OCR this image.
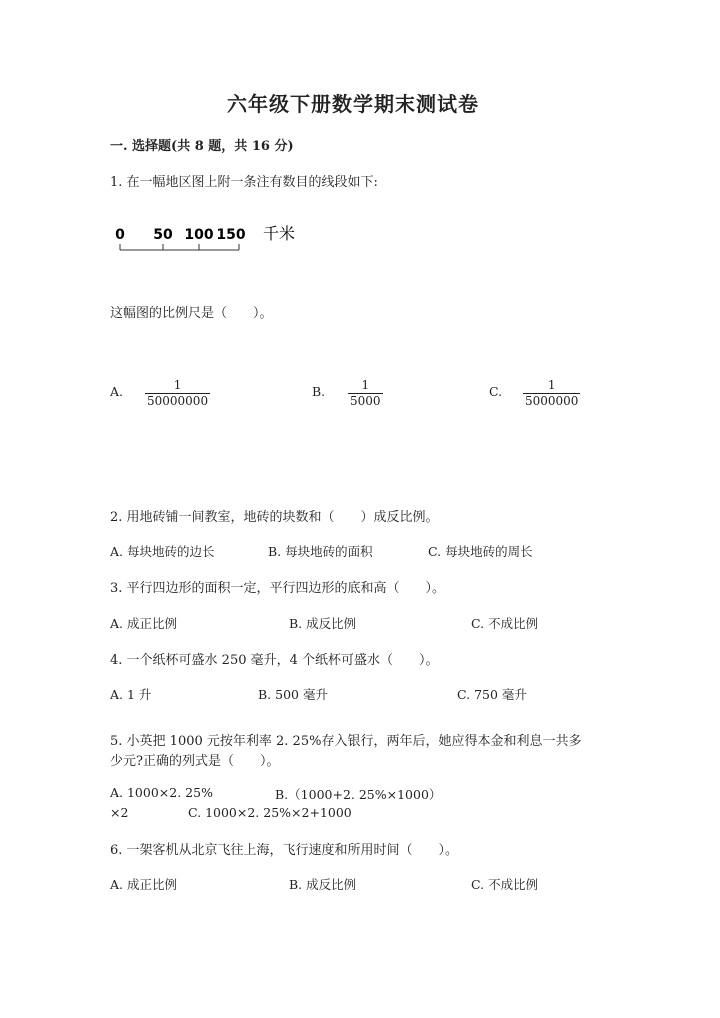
六年级下册数学期末测试卷
一. 选择题(共 8 题，共 16 分)
1. 在一幅地区图上附一条注有数目的线段如下:
0 50 100 150 千米
这幅图的比例尺是（　　）。
A. $\frac{1}{50000000}$	B. $\frac{1}{5000}$	C. $\frac{1}{5000000}$
2. 用地砖铺一间教室，地砖的块数和（　　）成反比例。
A. 每块地砖的边长	B. 每块地砖的面积	C. 每块地砖的周长
3. 平行四边形的面积一定，平行四边形的底和高（　　）。
A. 成正比例	B. 成反比例	C. 不成比例
4. 一个纸杯可盛水 250 毫升，4 个纸杯可盛水（　　）。
A. 1 升	B. 500 毫升	C. 750 毫升
5. 小英把 1000 元按年利率 2. 25%存入银行，两年后，她应得本金和利息一共多
少元?正确的列式是（　　）。
A. 1000×2. 25%	B.（1000+2. 25%×1000）
×2	C. 1000×2. 25%×2+1000
6. 一架客机从北京飞往上海，飞行速度和所用时间（　　）。
A. 成正比例	B. 成反比例	C. 不成比例
